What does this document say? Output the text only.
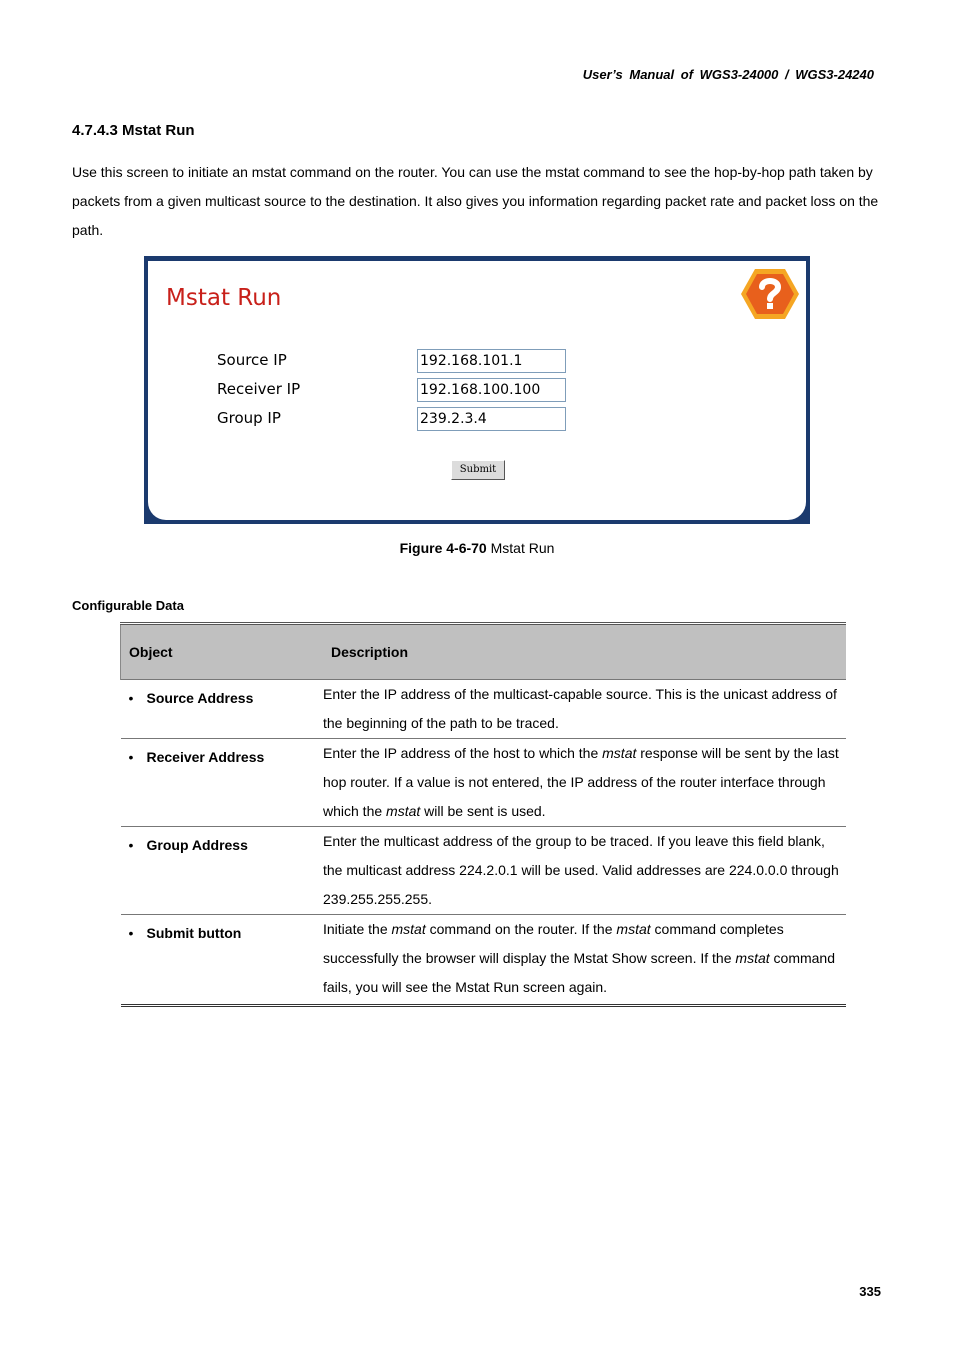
User’s Manual of WGS3-24000 / WGS3-24240
4.7.4.3 Mstat Run
Use this screen to initiate an mstat command on the router. You can use the mstat command to see the hop-by-hop path taken by packets from a given multicast source to the destination. It also gives you information regarding packet rate and packet loss on the path.
Mstat Run
Source IP	192.168.101.1
Receiver IP	192.168.100.100
Group IP	239.2.3.4
Submit
Figure 4-6-70 Mstat Run
Configurable Data
Object	Description
• Source Address	Enter the IP address of the multicast-capable source. This is the unicast address of the beginning of the path to be traced.
• Receiver Address	Enter the IP address of the host to which the mstat response will be sent by the last hop router. If a value is not entered, the IP address of the router interface through which the mstat will be sent is used.
• Group Address	Enter the multicast address of the group to be traced. If you leave this field blank, the multicast address 224.2.0.1 will be used. Valid addresses are 224.0.0.0 through 239.255.255.255.
• Submit button	Initiate the mstat command on the router. If the mstat command completes successfully the browser will display the Mstat Show screen. If the mstat command fails, you will see the Mstat Run screen again.
335
